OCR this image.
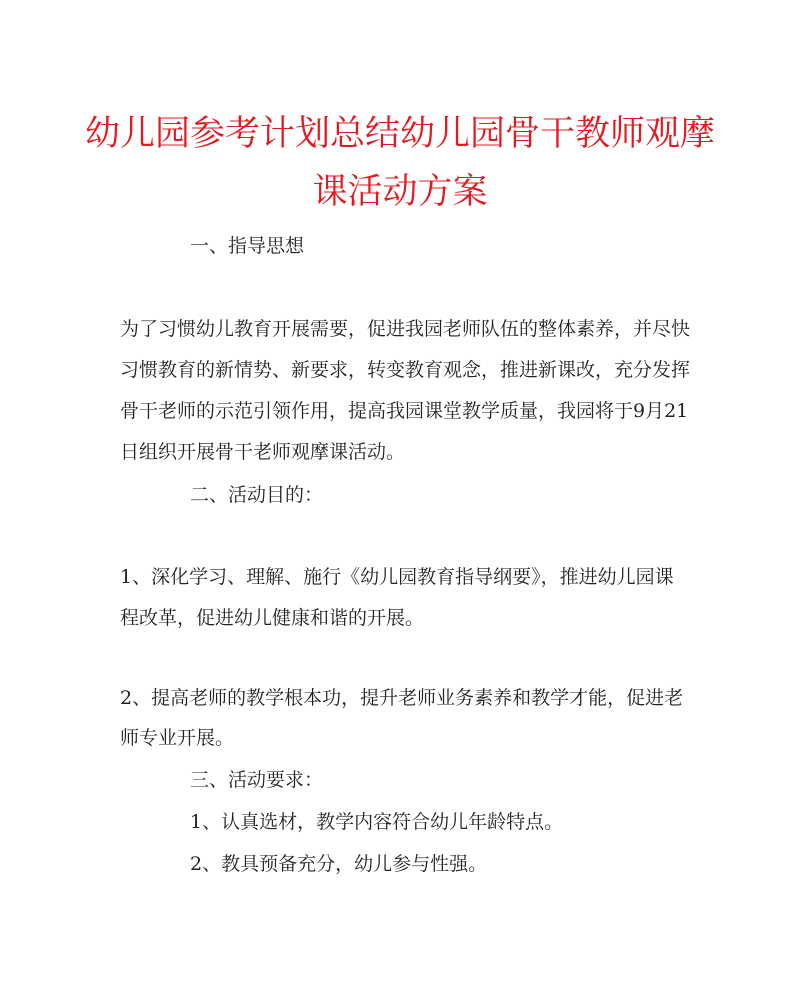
幼儿园参考计划总结幼儿园骨干教师观摩
课活动方案
一、指导思想
为了习惯幼儿教育开展需要，促进我园老师队伍的整体素养，并尽快
习惯教育的新情势、新要求，转变教育观念，推进新课改，充分发挥
骨干老师的示范引领作用，提高我园课堂教学质量，我园将于9月21
日组织开展骨干老师观摩课活动。
二、活动目的：
1、深化学习、理解、施行《幼儿园教育指导纲要》，推进幼儿园课
程改革，促进幼儿健康和谐的开展。
2、提高老师的教学根本功，提升老师业务素养和教学才能，促进老
师专业开展。
三、活动要求：
1、认真选材，教学内容符合幼儿年龄特点。
2、教具预备充分，幼儿参与性强。
